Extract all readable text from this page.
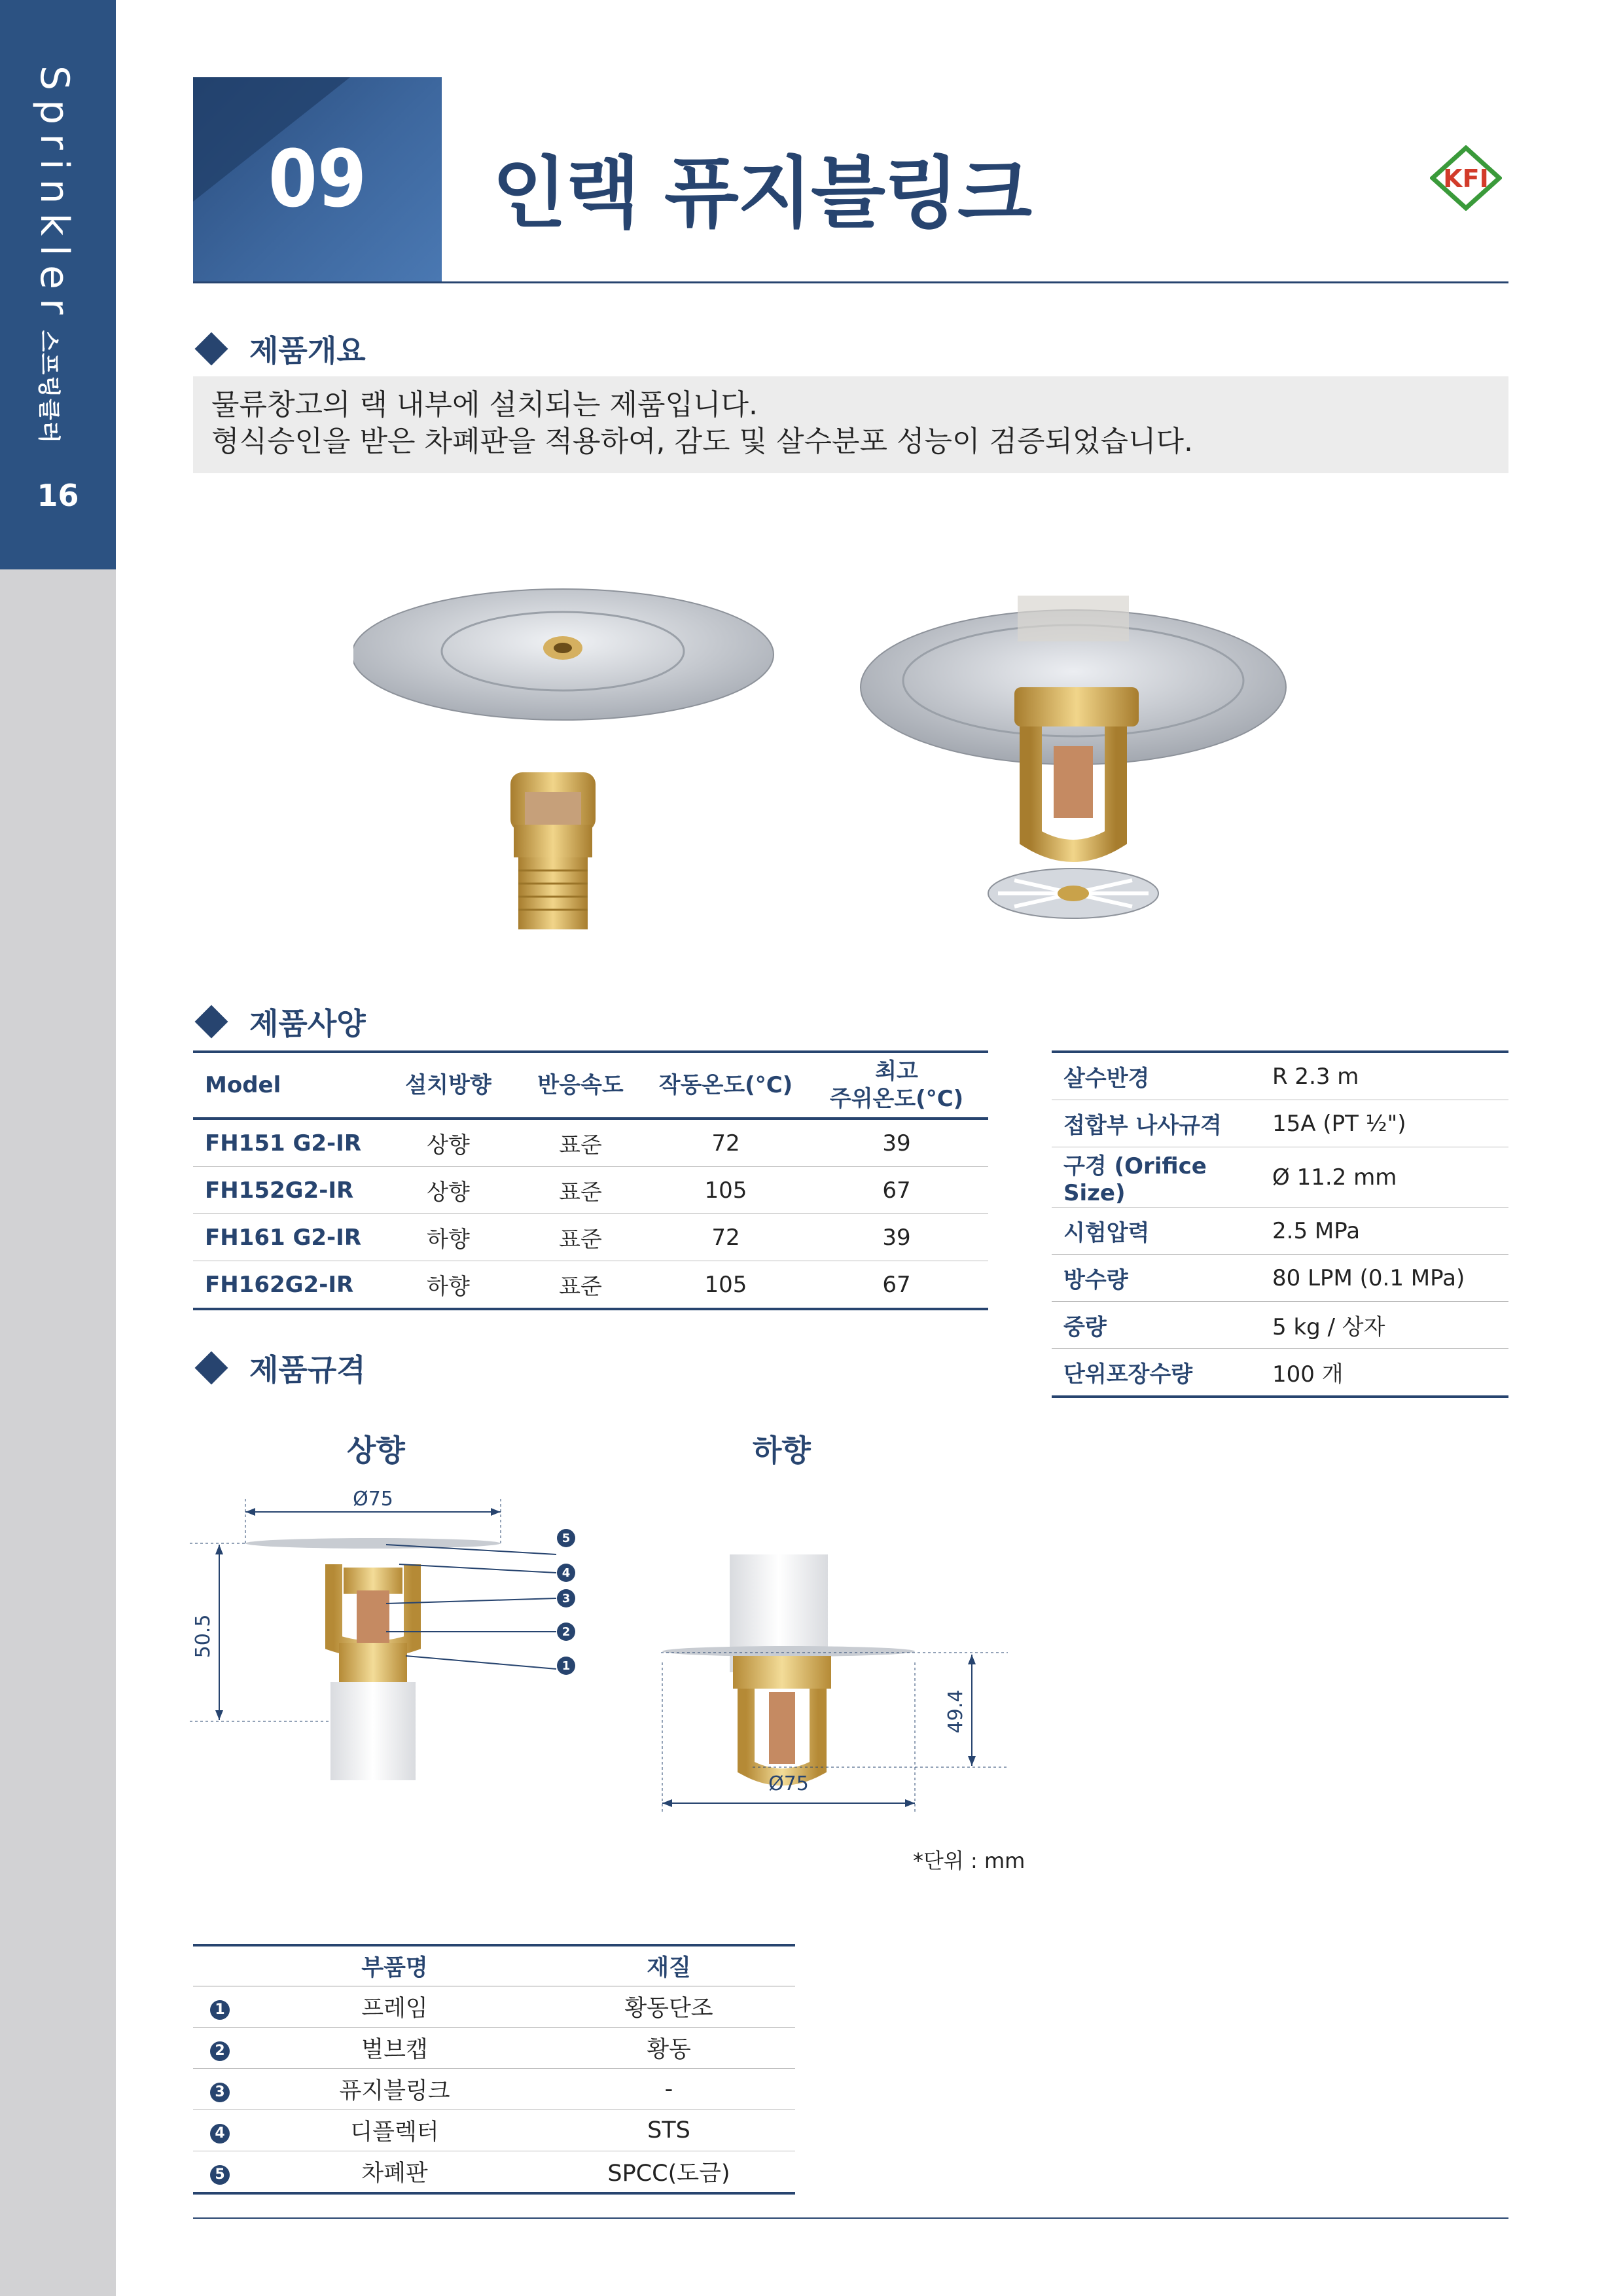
Sprinkler스프링클러
16
09	인랙 퓨지블링크	KFI
제품개요
물류창고의 랙 내부에 설치되는 제품입니다.
형식승인을 받은 차폐판을 적용하여, 감도 및 살수분포 성능이 검증되었습니다.
제품사양
Model	설치방향	반응속도	작동온도(°C)	최고
주위온도(°C)

FH151 G2-IR	상향	표준	72	39
FH152G2-IR	상향	표준	105	67
FH161 G2-IR	하향	표준	72	39
FH162G2-IR	하향	표준	105	67
살수반경	R 2.3 m
접합부 나사규격	15A (PT ½")
구경 (Orifice Size)	Ø 11.2 mm
시험압력	2.5 MPa
방수량	80 LPM (0.1 MPa)
중량	5 kg / 상자
단위포장수량	100 개
제품규격
상향	하향
5
4
3
2
1
Ø75
50.5
Ø75
49.4
*단위 : mm
	부품명	재질
1	프레임	황동단조
2	벌브캡	황동
3	퓨지블링크	-
4	디플렉터	STS
5	차폐판	SPCC(도금)
